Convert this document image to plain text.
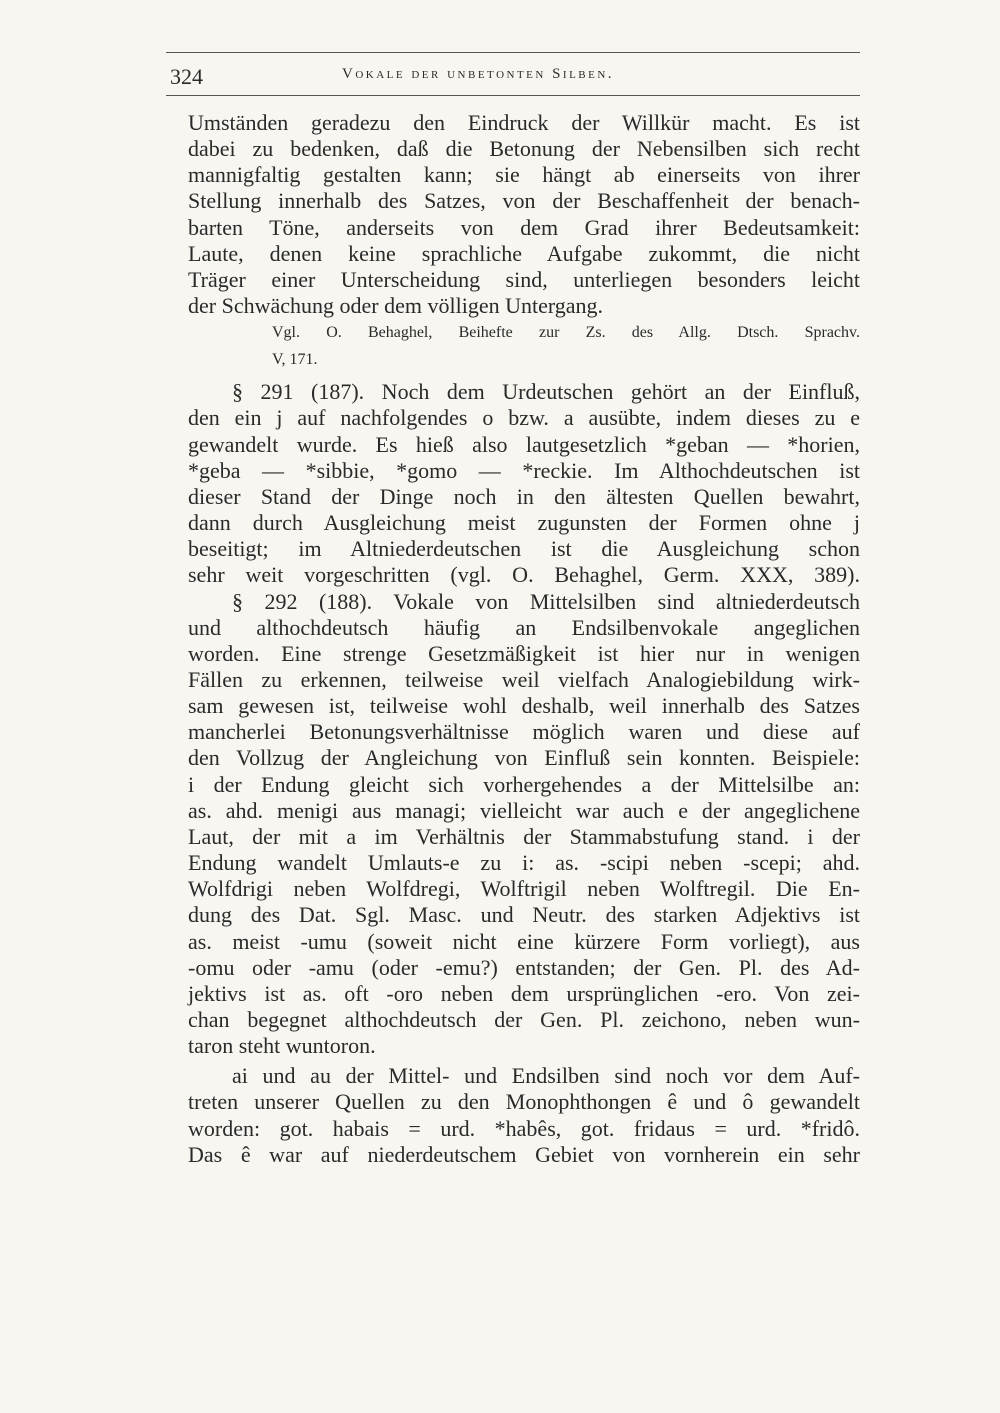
324	Vokale der unbetonten Silben.
Umständen geradezu den Eindruck der Willkür macht. Es ist
dabei zu bedenken, daß die Betonung der Nebensilben sich recht
mannigfaltig gestalten kann; sie hängt ab einerseits von ihrer
Stellung innerhalb des Satzes, von der Beschaffenheit der benach-
barten Töne, anderseits von dem Grad ihrer Bedeutsamkeit:
Laute, denen keine sprachliche Aufgabe zukommt, die nicht
Träger einer Unterscheidung sind, unterliegen besonders leicht
der Schwächung oder dem völligen Untergang.
Vgl. O. Behaghel, Beihefte zur Zs. des Allg. Dtsch. Sprachv.
V, 171.
§ 291 (187). Noch dem Urdeutschen gehört an der Einfluß,
den ein j auf nachfolgendes o bzw. a ausübte, indem dieses zu e
gewandelt wurde. Es hieß also lautgesetzlich *geban — *horien,
*geba — *sibbie, *gomo — *reckie. Im Althochdeutschen ist
dieser Stand der Dinge noch in den ältesten Quellen bewahrt,
dann durch Ausgleichung meist zugunsten der Formen ohne j
beseitigt; im Altniederdeutschen ist die Ausgleichung schon
sehr weit vorgeschritten (vgl. O. Behaghel, Germ. XXX, 389).
§ 292 (188). Vokale von Mittelsilben sind altniederdeutsch
und althochdeutsch häufig an Endsilbenvokale angeglichen
worden. Eine strenge Gesetzmäßigkeit ist hier nur in wenigen
Fällen zu erkennen, teilweise weil vielfach Analogiebildung wirk-
sam gewesen ist, teilweise wohl deshalb, weil innerhalb des Satzes
mancherlei Betonungsverhältnisse möglich waren und diese auf
den Vollzug der Angleichung von Einfluß sein konnten. Beispiele:
i der Endung gleicht sich vorhergehendes a der Mittelsilbe an:
as. ahd. menigi aus managi; vielleicht war auch e der angeglichene
Laut, der mit a im Verhältnis der Stammabstufung stand. i der
Endung wandelt Umlauts-e zu i: as. -scipi neben -scepi; ahd.
Wolfdrigi neben Wolfdregi, Wolftrigil neben Wolftregil. Die En-
dung des Dat. Sgl. Masc. und Neutr. des starken Adjektivs ist
as. meist -umu (soweit nicht eine kürzere Form vorliegt), aus
-omu oder -amu (oder -emu?) entstanden; der Gen. Pl. des Ad-
jektivs ist as. oft -oro neben dem ursprünglichen -ero. Von zei-
chan begegnet althochdeutsch der Gen. Pl. zeichono, neben wun-
taron steht wuntoron.
ai und au der Mittel- und Endsilben sind noch vor dem Auf-
treten unserer Quellen zu den Monophthongen ê und ô gewandelt
worden: got. habais = urd. *habês, got. fridaus = urd. *fridô.
Das ê war auf niederdeutschem Gebiet von vornherein ein sehr
